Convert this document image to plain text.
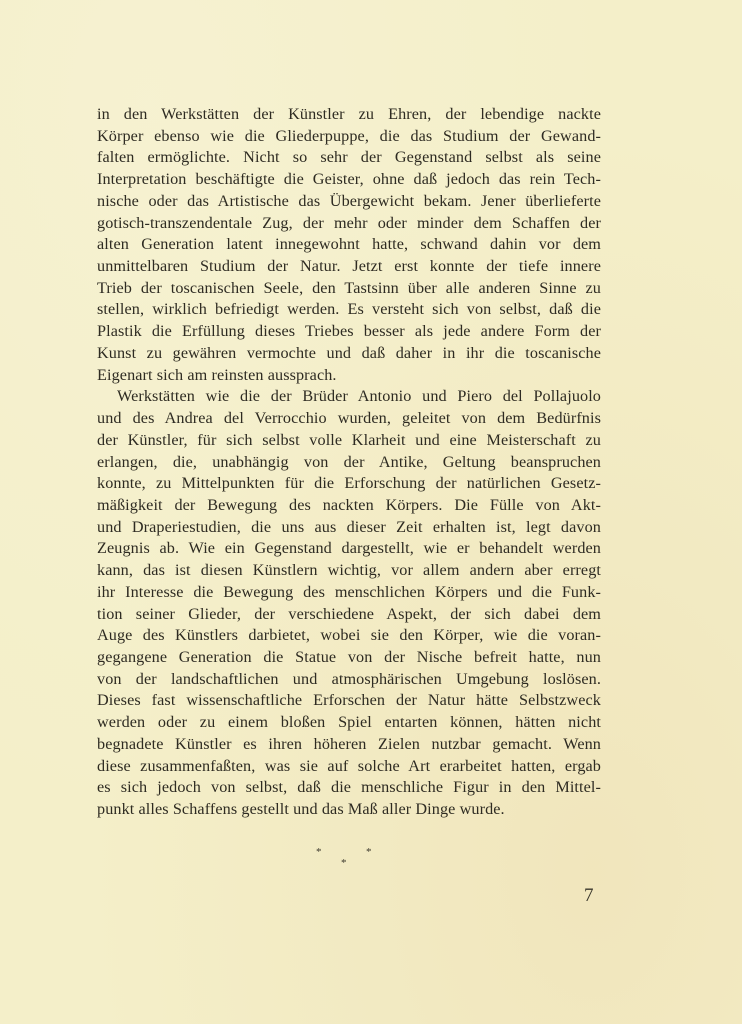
in den Werkstätten der Künstler zu Ehren, der lebendige nackte
Körper ebenso wie die Gliederpuppe, die das Studium der Gewand-
falten ermöglichte. Nicht so sehr der Gegenstand selbst als seine
Interpretation beschäftigte die Geister, ohne daß jedoch das rein Tech-
nische oder das Artistische das Übergewicht bekam. Jener überlieferte
gotisch-transzendentale Zug, der mehr oder minder dem Schaffen der
alten Generation latent innegewohnt hatte, schwand dahin vor dem
unmittelbaren Studium der Natur. Jetzt erst konnte der tiefe innere
Trieb der toscanischen Seele, den Tastsinn über alle anderen Sinne zu
stellen, wirklich befriedigt werden. Es versteht sich von selbst, daß die
Plastik die Erfüllung dieses Triebes besser als jede andere Form der
Kunst zu gewähren vermochte und daß daher in ihr die toscanische
Eigenart sich am reinsten aussprach.
Werkstätten wie die der Brüder Antonio und Piero del Pollajuolo
und des Andrea del Verrocchio wurden, geleitet von dem Bedürfnis
der Künstler, für sich selbst volle Klarheit und eine Meisterschaft zu
erlangen, die, unabhängig von der Antike, Geltung beanspruchen
konnte, zu Mittelpunkten für die Erforschung der natürlichen Gesetz-
mäßigkeit der Bewegung des nackten Körpers. Die Fülle von Akt-
und Draperiestudien, die uns aus dieser Zeit erhalten ist, legt davon
Zeugnis ab. Wie ein Gegenstand dargestellt, wie er behandelt werden
kann, das ist diesen Künstlern wichtig, vor allem andern aber erregt
ihr Interesse die Bewegung des menschlichen Körpers und die Funk-
tion seiner Glieder, der verschiedene Aspekt, der sich dabei dem
Auge des Künstlers darbietet, wobei sie den Körper, wie die voran-
gegangene Generation die Statue von der Nische befreit hatte, nun
von der landschaftlichen und atmosphärischen Umgebung loslösen.
Dieses fast wissenschaftliche Erforschen der Natur hätte Selbstzweck
werden oder zu einem bloßen Spiel entarten können, hätten nicht
begnadete Künstler es ihren höheren Zielen nutzbar gemacht. Wenn
diese zusammenfaßten, was sie auf solche Art erarbeitet hatten, ergab
es sich jedoch von selbst, daß die menschliche Figur in den Mittel-
punkt alles Schaffens gestellt und das Maß aller Dinge wurde.
*	*
*
7
